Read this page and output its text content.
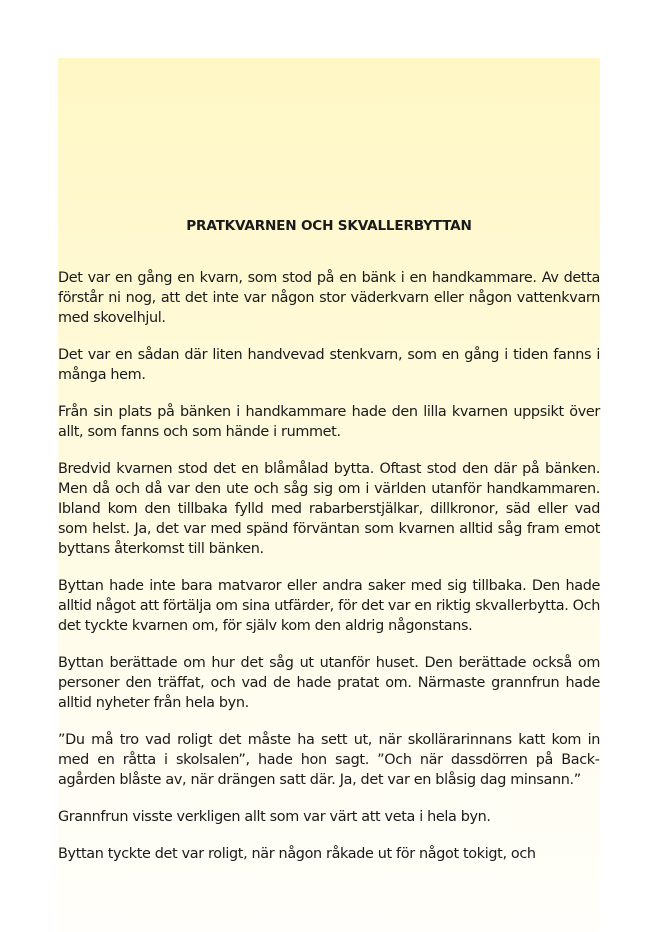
PRATKVARNEN OCH SKVALLERBYTTAN

Det var en gång en kvarn, som stod på en bänk i en handkammare. Av detta förstår ni nog, att det inte var någon stor väderkvarn eller någon vattenkvarn med skovelhjul.

Det var en sådan där liten handvevad stenkvarn, som en gång i tiden fanns i många hem.

Från sin plats på bänken i handkammare hade den lilla kvarnen uppsikt över allt, som fanns och som hände i rummet.

Bredvid kvarnen stod det en blåmålad bytta. Oftast stod den där på bänken. Men då och då var den ute och såg sig om i världen utanför handkammaren. Ibland kom den tillbaka fylld med rabarberstjälkar, dillkronor, säd eller vad som helst. Ja, det var med spänd förväntan som kvarnen alltid såg fram emot byttans återkomst till bänken.

Byttan hade inte bara matvaror eller andra saker med sig tillbaka. Den hade alltid något att förtälja om sina utfärder, för det var en riktig skvallerbytta. Och det tyckte kvarnen om, för själv kom den aldrig någonstans.

Byttan berättade om hur det såg ut utanför huset. Den berättade också om personer den träffat, och vad de hade pratat om. Närmaste grannfrun hade alltid nyheter från hela byn.

”Du må tro vad roligt det måste ha sett ut, när skollärarinnans katt kom in med en råtta i skolsalen”, hade hon sagt. ”Och när dassdörren på Backagården blåste av, när drängen satt där. Ja, det var en blåsig dag minsann.”

Grannfrun visste verkligen allt som var värt att veta i hela byn.

Byttan tyckte det var roligt, när någon råkade ut för något tokigt, och
